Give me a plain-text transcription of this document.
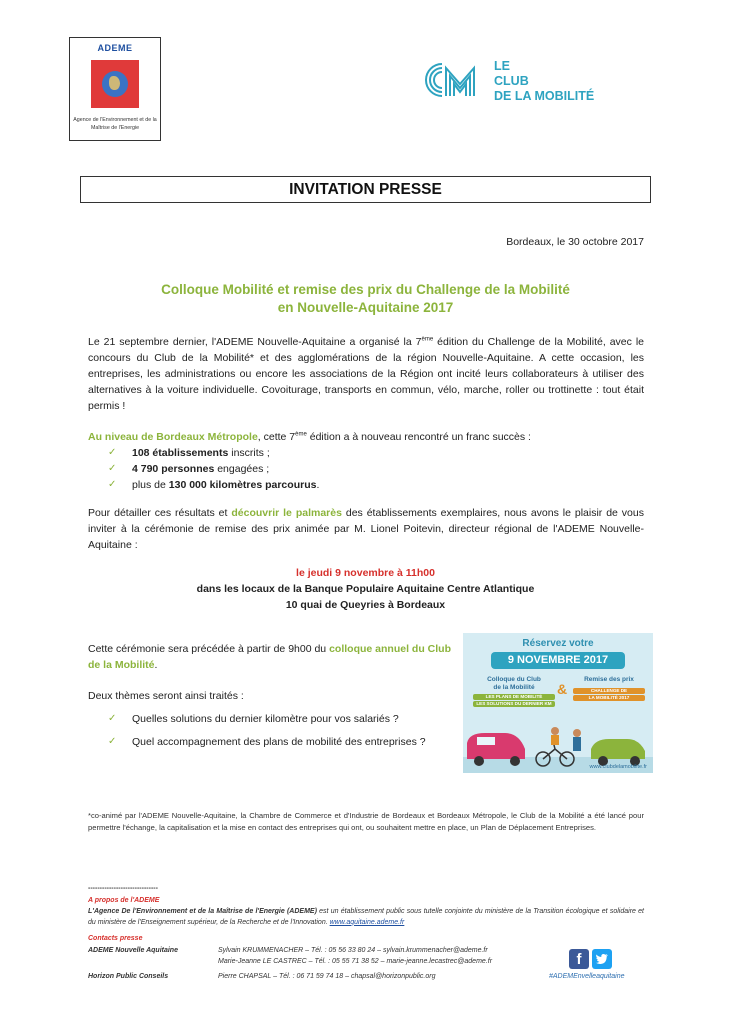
ADEME
Agence de l'Environnement et de la Maîtrise de l'Energie
LE
CLUB
DE LA MOBILITÉ
INVITATION PRESSE
Bordeaux, le 30 octobre 2017
Colloque Mobilité et remise des prix du Challenge de la Mobilité
en Nouvelle-Aquitaine 2017
Le 21 septembre dernier, l'ADEME Nouvelle-Aquitaine a organisé la 7ème édition du Challenge de la Mobilité, avec le concours du Club de la Mobilité* et des agglomérations de la région Nouvelle-Aquitaine. A cette occasion, les entreprises, les administrations ou encore les associations de la Région ont incité leurs collaborateurs à utiliser des alternatives à la voiture individuelle. Covoiturage, transports en commun, vélo, marche, roller ou trottinette : tout était permis !
Au niveau de Bordeaux Métropole, cette 7ème édition a à nouveau rencontré un franc succès :
✓ 108 établissements inscrits ;
✓ 4 790 personnes engagées ;
✓ plus de 130 000 kilomètres parcourus.
Pour détailler ces résultats et découvrir le palmarès des établissements exemplaires, nous avons le plaisir de vous inviter à la cérémonie de remise des prix animée par M. Lionel Poitevin, directeur régional de l'ADEME Nouvelle-Aquitaine :
le jeudi 9 novembre à 11h00
dans les locaux de la Banque Populaire Aquitaine Centre Atlantique
10 quai de Queyries à Bordeaux
Cette cérémonie sera précédée à partir de 9h00 du colloque annuel du Club de la Mobilité.
Deux thèmes seront ainsi traités :
✓ Quelles solutions du dernier kilomètre pour vos salariés ?
✓ Quel accompagnement des plans de mobilité des entreprises ?
Réservez votre
9 NOVEMBRE 2017
Colloque du Club
de la Mobilité
LES PLANS DE MOBILITÉ
LES SOLUTIONS DU DERNIER KM
&
Remise des prix
CHALLENGE DE
LA MOBILITÉ 2017
www.clubdelamobilite.fr
*co-animé par l'ADEME Nouvelle-Aquitaine, la Chambre de Commerce et d'Industrie de Bordeaux et Bordeaux Métropole, le Club de la Mobilité a été lancé pour permettre l'échange, la capitalisation et la mise en contact des entreprises qui ont, ou souhaitent mettre en place, un Plan de Déplacement Entreprises.
------------------------------
A propos de l'ADEME
L'Agence De l'Environnement et de la Maîtrise de l'Energie (ADEME) est un établissement public sous tutelle conjointe du ministère de la Transition écologique et solidaire et du ministère de l'Enseignement supérieur, de la Recherche et de l'Innovation. www.aquitaine.ademe.fr
Contacts presse
ADEME Nouvelle Aquitaine	Sylvain KRUMMENACHER – Tél. : 05 56 33 80 24 – sylvain.krummenacher@ademe.fr
Marie-Jeanne LE CASTREC – Tél. : 05 55 71 38 52 – marie-jeanne.lecastrec@ademe.fr
Horizon Public Conseils	Pierre CHAPSAL – Tél. : 06 71 59 74 18 – chapsal@horizonpublic.org
f
#ADEMEnvelleaquitaine
